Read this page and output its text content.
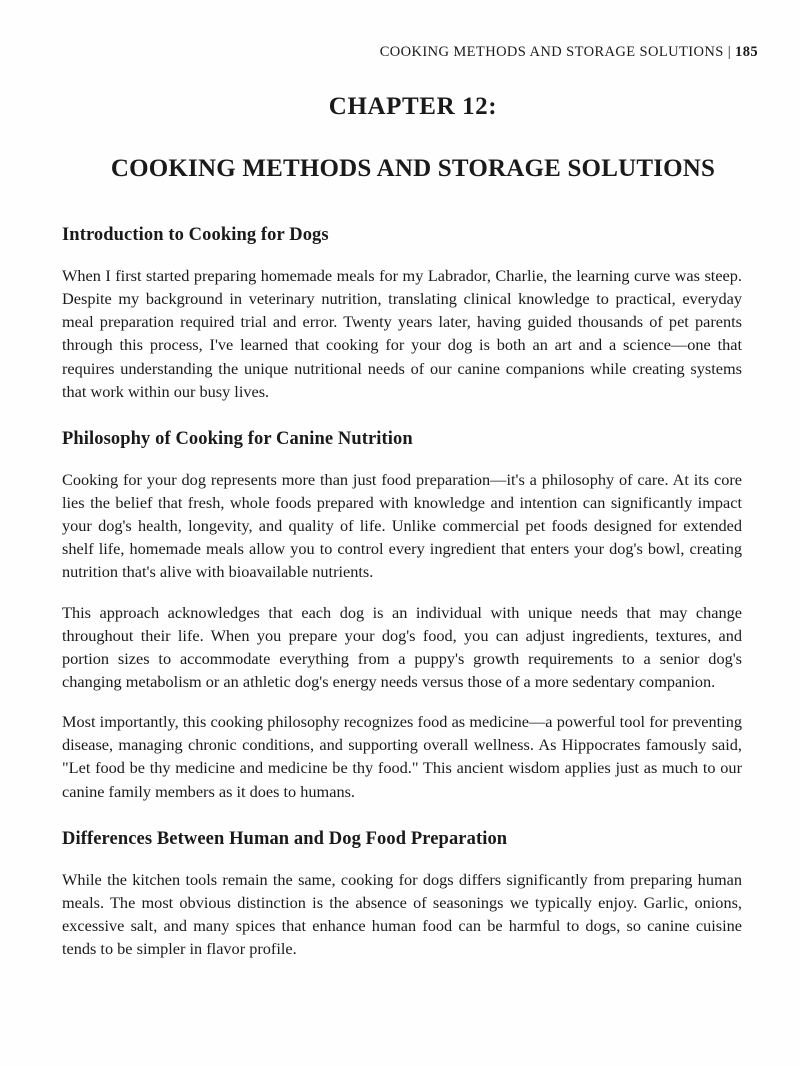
COOKING METHODS AND STORAGE SOLUTIONS | 185
CHAPTER 12:
COOKING METHODS AND STORAGE SOLUTIONS
Introduction to Cooking for Dogs

When I first started preparing homemade meals for my Labrador, Charlie, the learning curve was steep. Despite my background in veterinary nutrition, translating clinical knowledge to practical, everyday meal preparation required trial and error. Twenty years later, having guided thousands of pet parents through this process, I've learned that cooking for your dog is both an art and a science—one that requires understanding the unique nutritional needs of our canine companions while creating systems that work within our busy lives.

Philosophy of Cooking for Canine Nutrition

Cooking for your dog represents more than just food preparation—it's a philosophy of care. At its core lies the belief that fresh, whole foods prepared with knowledge and intention can significantly impact your dog's health, longevity, and quality of life. Unlike commercial pet foods designed for extended shelf life, homemade meals allow you to control every ingredient that enters your dog's bowl, creating nutrition that's alive with bioavailable nutrients.

This approach acknowledges that each dog is an individual with unique needs that may change throughout their life. When you prepare your dog's food, you can adjust ingredients, textures, and portion sizes to accommodate everything from a puppy's growth requirements to a senior dog's changing metabolism or an athletic dog's energy needs versus those of a more sedentary companion.

Most importantly, this cooking philosophy recognizes food as medicine—a powerful tool for preventing disease, managing chronic conditions, and supporting overall wellness. As Hippocrates famously said, "Let food be thy medicine and medicine be thy food." This ancient wisdom applies just as much to our canine family members as it does to humans.

Differences Between Human and Dog Food Preparation

While the kitchen tools remain the same, cooking for dogs differs significantly from preparing human meals. The most obvious distinction is the absence of seasonings we typically enjoy. Garlic, onions, excessive salt, and many spices that enhance human food can be harmful to dogs, so canine cuisine tends to be simpler in flavor profile.
